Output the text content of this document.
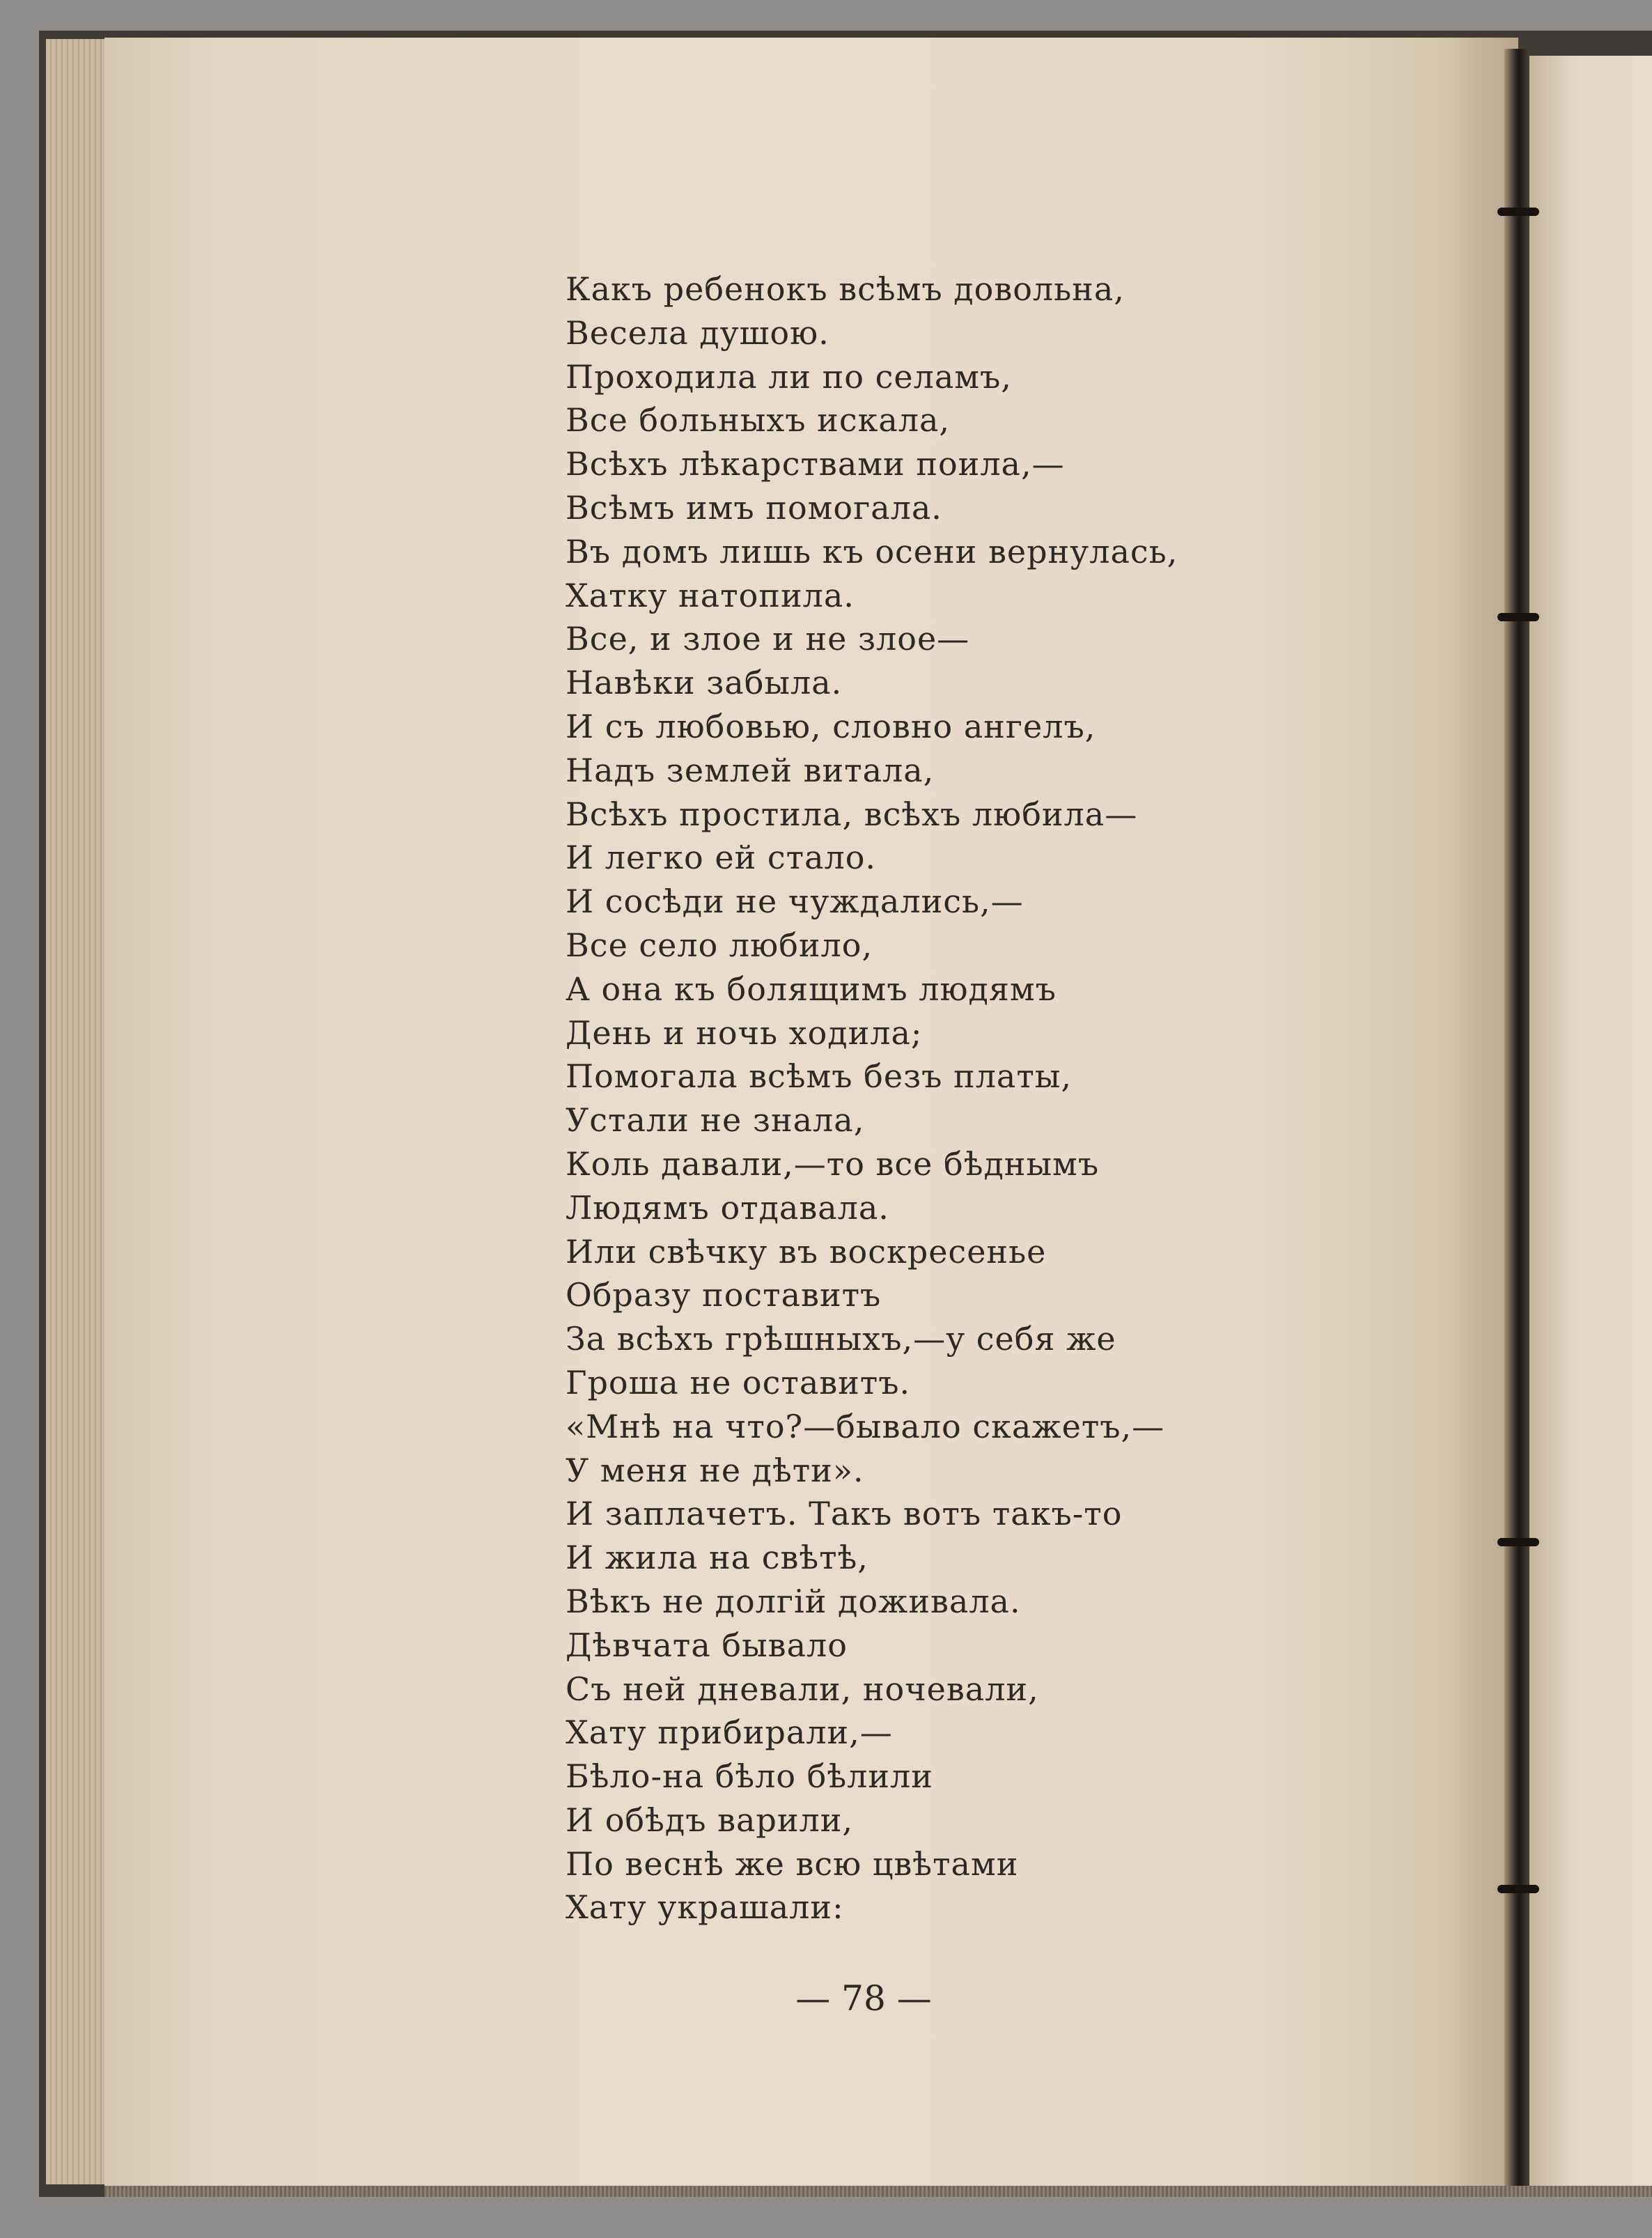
Какъ ребенокъ всѣмъ довольна,
Весела душою.
Проходила ли по селамъ,
Все больныхъ искала,
Всѣхъ лѣкарствами поила,—
Всѣмъ имъ помогала.
Въ домъ лишь къ осени вернулась,
Хатку натопила.
Все, и злое и не злое—
Навѣки забыла.
И съ любовью, словно ангелъ,
Надъ землей витала,
Всѣхъ простила, всѣхъ любила—
И легко ей стало.
И сосѣди не чуждались,—
Все село любило,
А она къ болящимъ людямъ
День и ночь ходила;
Помогала всѣмъ безъ платы,
Устали не знала,
Коль давали,—то все бѣднымъ
Людямъ отдавала.
Или свѣчку въ воскресенье
Образу поставитъ
За всѣхъ грѣшныхъ,—у себя же
Гроша не оставитъ.
«Мнѣ на что?—бывало скажетъ,—
У меня не дѣти».
И заплачетъ. Такъ вотъ такъ-то
И жила на свѣтѣ,
Вѣкъ не долгій доживала.
Дѣвчата бывало
Съ ней дневали, ночевали,
Хату прибирали,—
Бѣло-на бѣло бѣлили
И обѣдъ варили,
По веснѣ же всю цвѣтами
Хату украшали:
— 78 —
